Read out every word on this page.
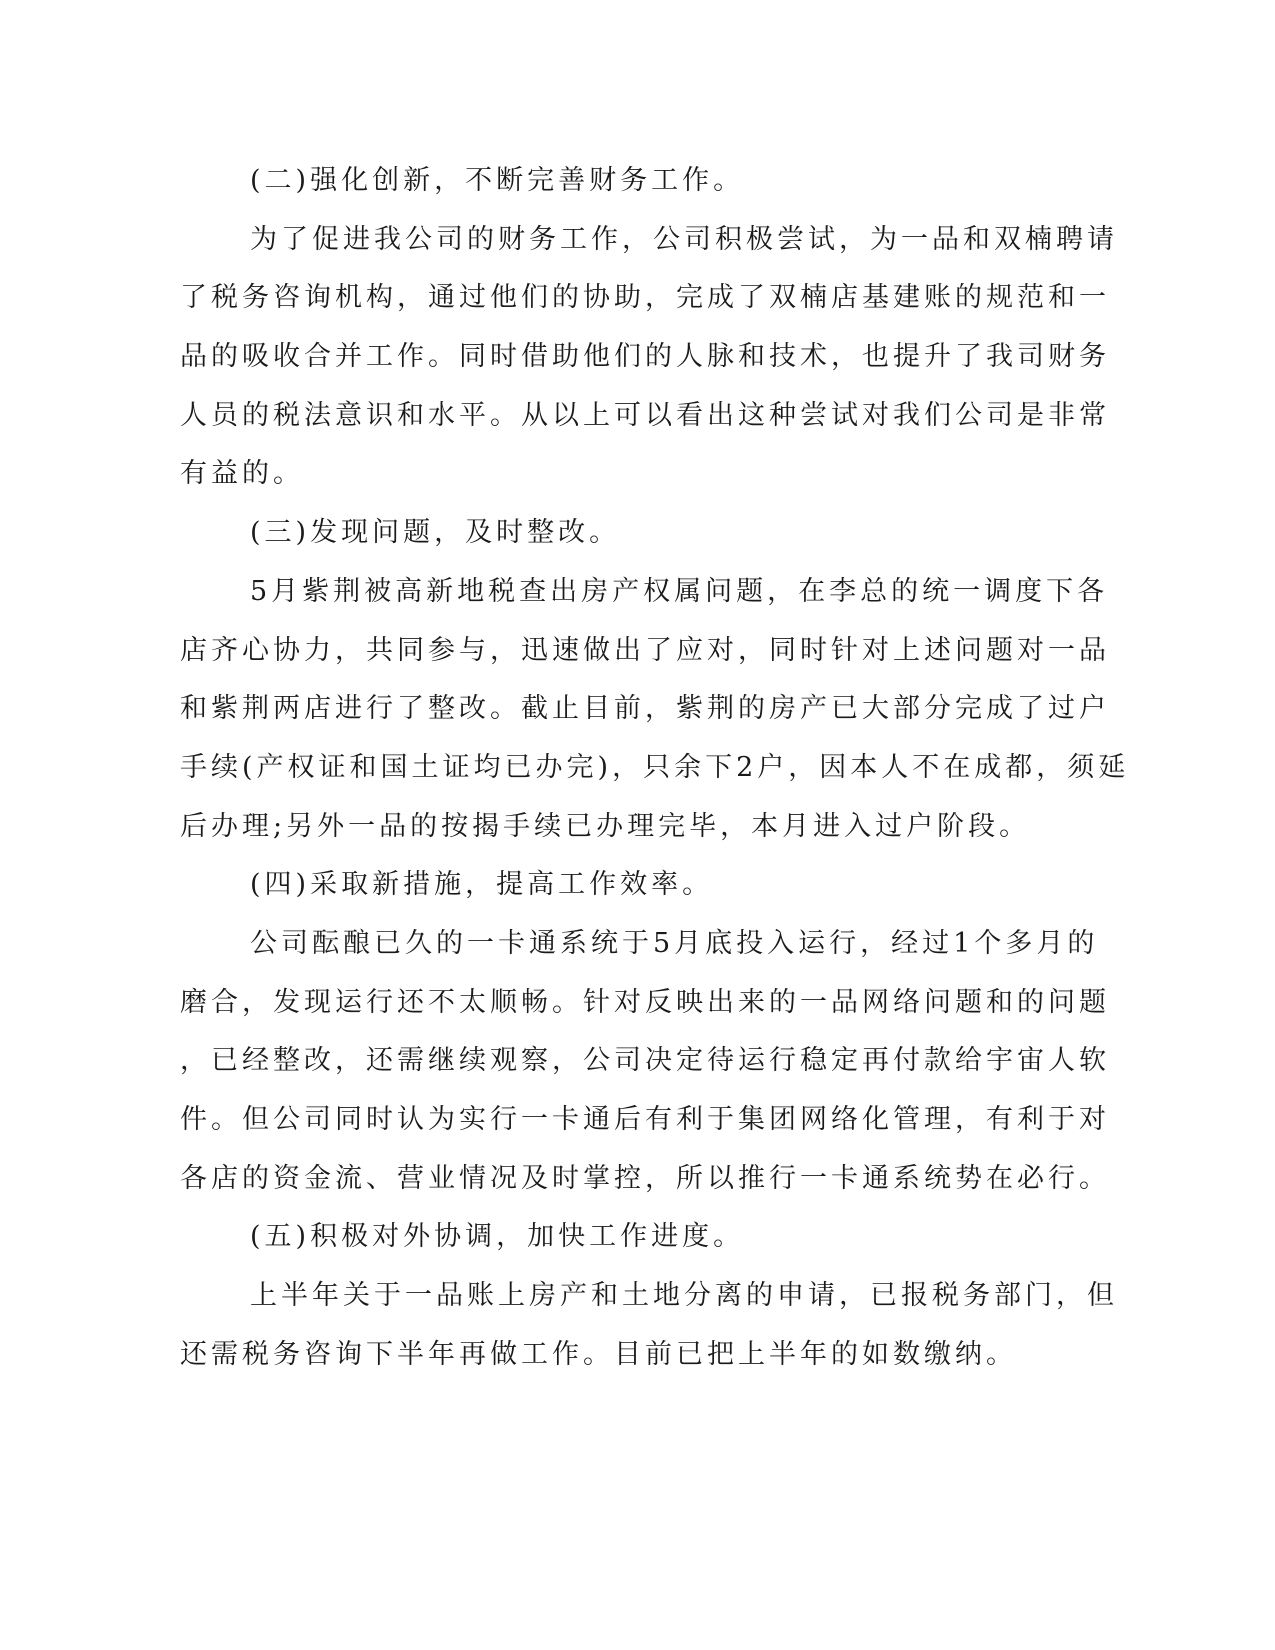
(二)强化创新，不断完善财务工作。
为了促进我公司的财务工作，公司积极尝试，为一品和双楠聘请
了税务咨询机构，通过他们的协助，完成了双楠店基建账的规范和一
品的吸收合并工作。同时借助他们的人脉和技术，也提升了我司财务
人员的税法意识和水平。从以上可以看出这种尝试对我们公司是非常
有益的。
(三)发现问题，及时整改。
5月紫荆被高新地税查出房产权属问题，在李总的统一调度下各
店齐心协力，共同参与，迅速做出了应对，同时针对上述问题对一品
和紫荆两店进行了整改。截止目前，紫荆的房产已大部分完成了过户
手续(产权证和国土证均已办完)，只余下2户，因本人不在成都，须延
后办理;另外一品的按揭手续已办理完毕，本月进入过户阶段。
(四)采取新措施，提高工作效率。
公司酝酿已久的一卡通系统于5月底投入运行，经过1个多月的
磨合，发现运行还不太顺畅。针对反映出来的一品网络问题和的问题
，已经整改，还需继续观察，公司决定待运行稳定再付款给宇宙人软
件。但公司同时认为实行一卡通后有利于集团网络化管理，有利于对
各店的资金流、营业情况及时掌控，所以推行一卡通系统势在必行。
(五)积极对外协调，加快工作进度。
上半年关于一品账上房产和土地分离的申请，已报税务部门，但
还需税务咨询下半年再做工作。目前已把上半年的如数缴纳。
